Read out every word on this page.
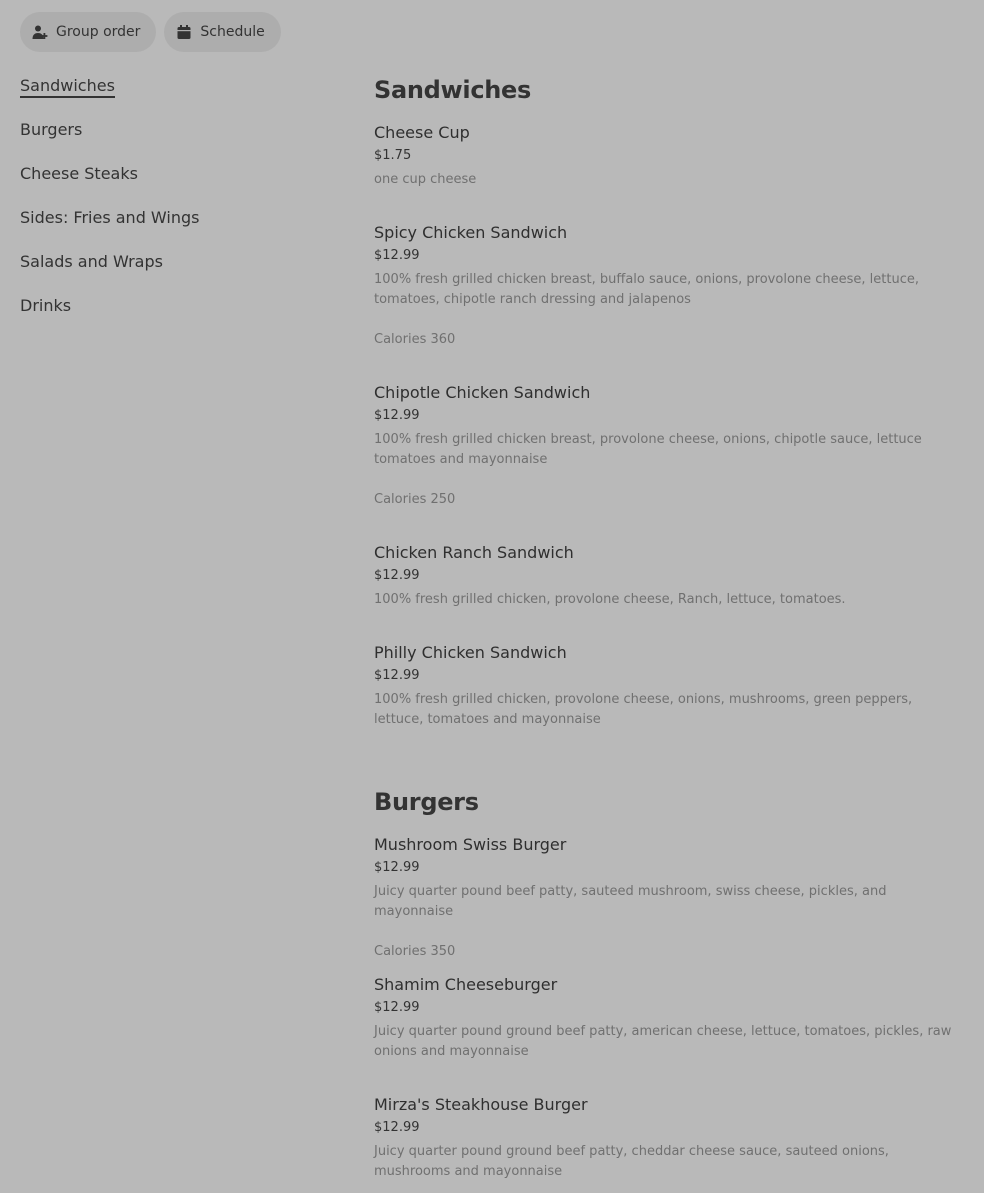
Group order	Schedule
Sandwiches
Burgers
Cheese Steaks
Sides: Fries and Wings
Salads and Wraps
Drinks
Sandwiches
Cheese Cup
$1.75
one cup cheese
Spicy Chicken Sandwich
$12.99
100% fresh grilled chicken breast, buffalo sauce, onions, provolone cheese, lettuce, tomatoes, chipotle ranch dressing and jalapenos
Calories 360
Chipotle Chicken Sandwich
$12.99
100% fresh grilled chicken breast, provolone cheese, onions, chipotle sauce, lettuce tomatoes and mayonnaise
Calories 250
Chicken Ranch Sandwich
$12.99
100% fresh grilled chicken, provolone cheese, Ranch, lettuce, tomatoes.
Philly Chicken Sandwich
$12.99
100% fresh grilled chicken, provolone cheese, onions, mushrooms, green peppers, lettuce, tomatoes and mayonnaise
Burgers
Mushroom Swiss Burger
$12.99
Juicy quarter pound beef patty, sauteed mushroom, swiss cheese, pickles, and mayonnaise
Calories 350
Shamim Cheeseburger
$12.99
Juicy quarter pound ground beef patty, american cheese, lettuce, tomatoes, pickles, raw onions and mayonnaise
Mirza's Steakhouse Burger
$12.99
Juicy quarter pound ground beef patty, cheddar cheese sauce, sauteed onions, mushrooms and mayonnaise
